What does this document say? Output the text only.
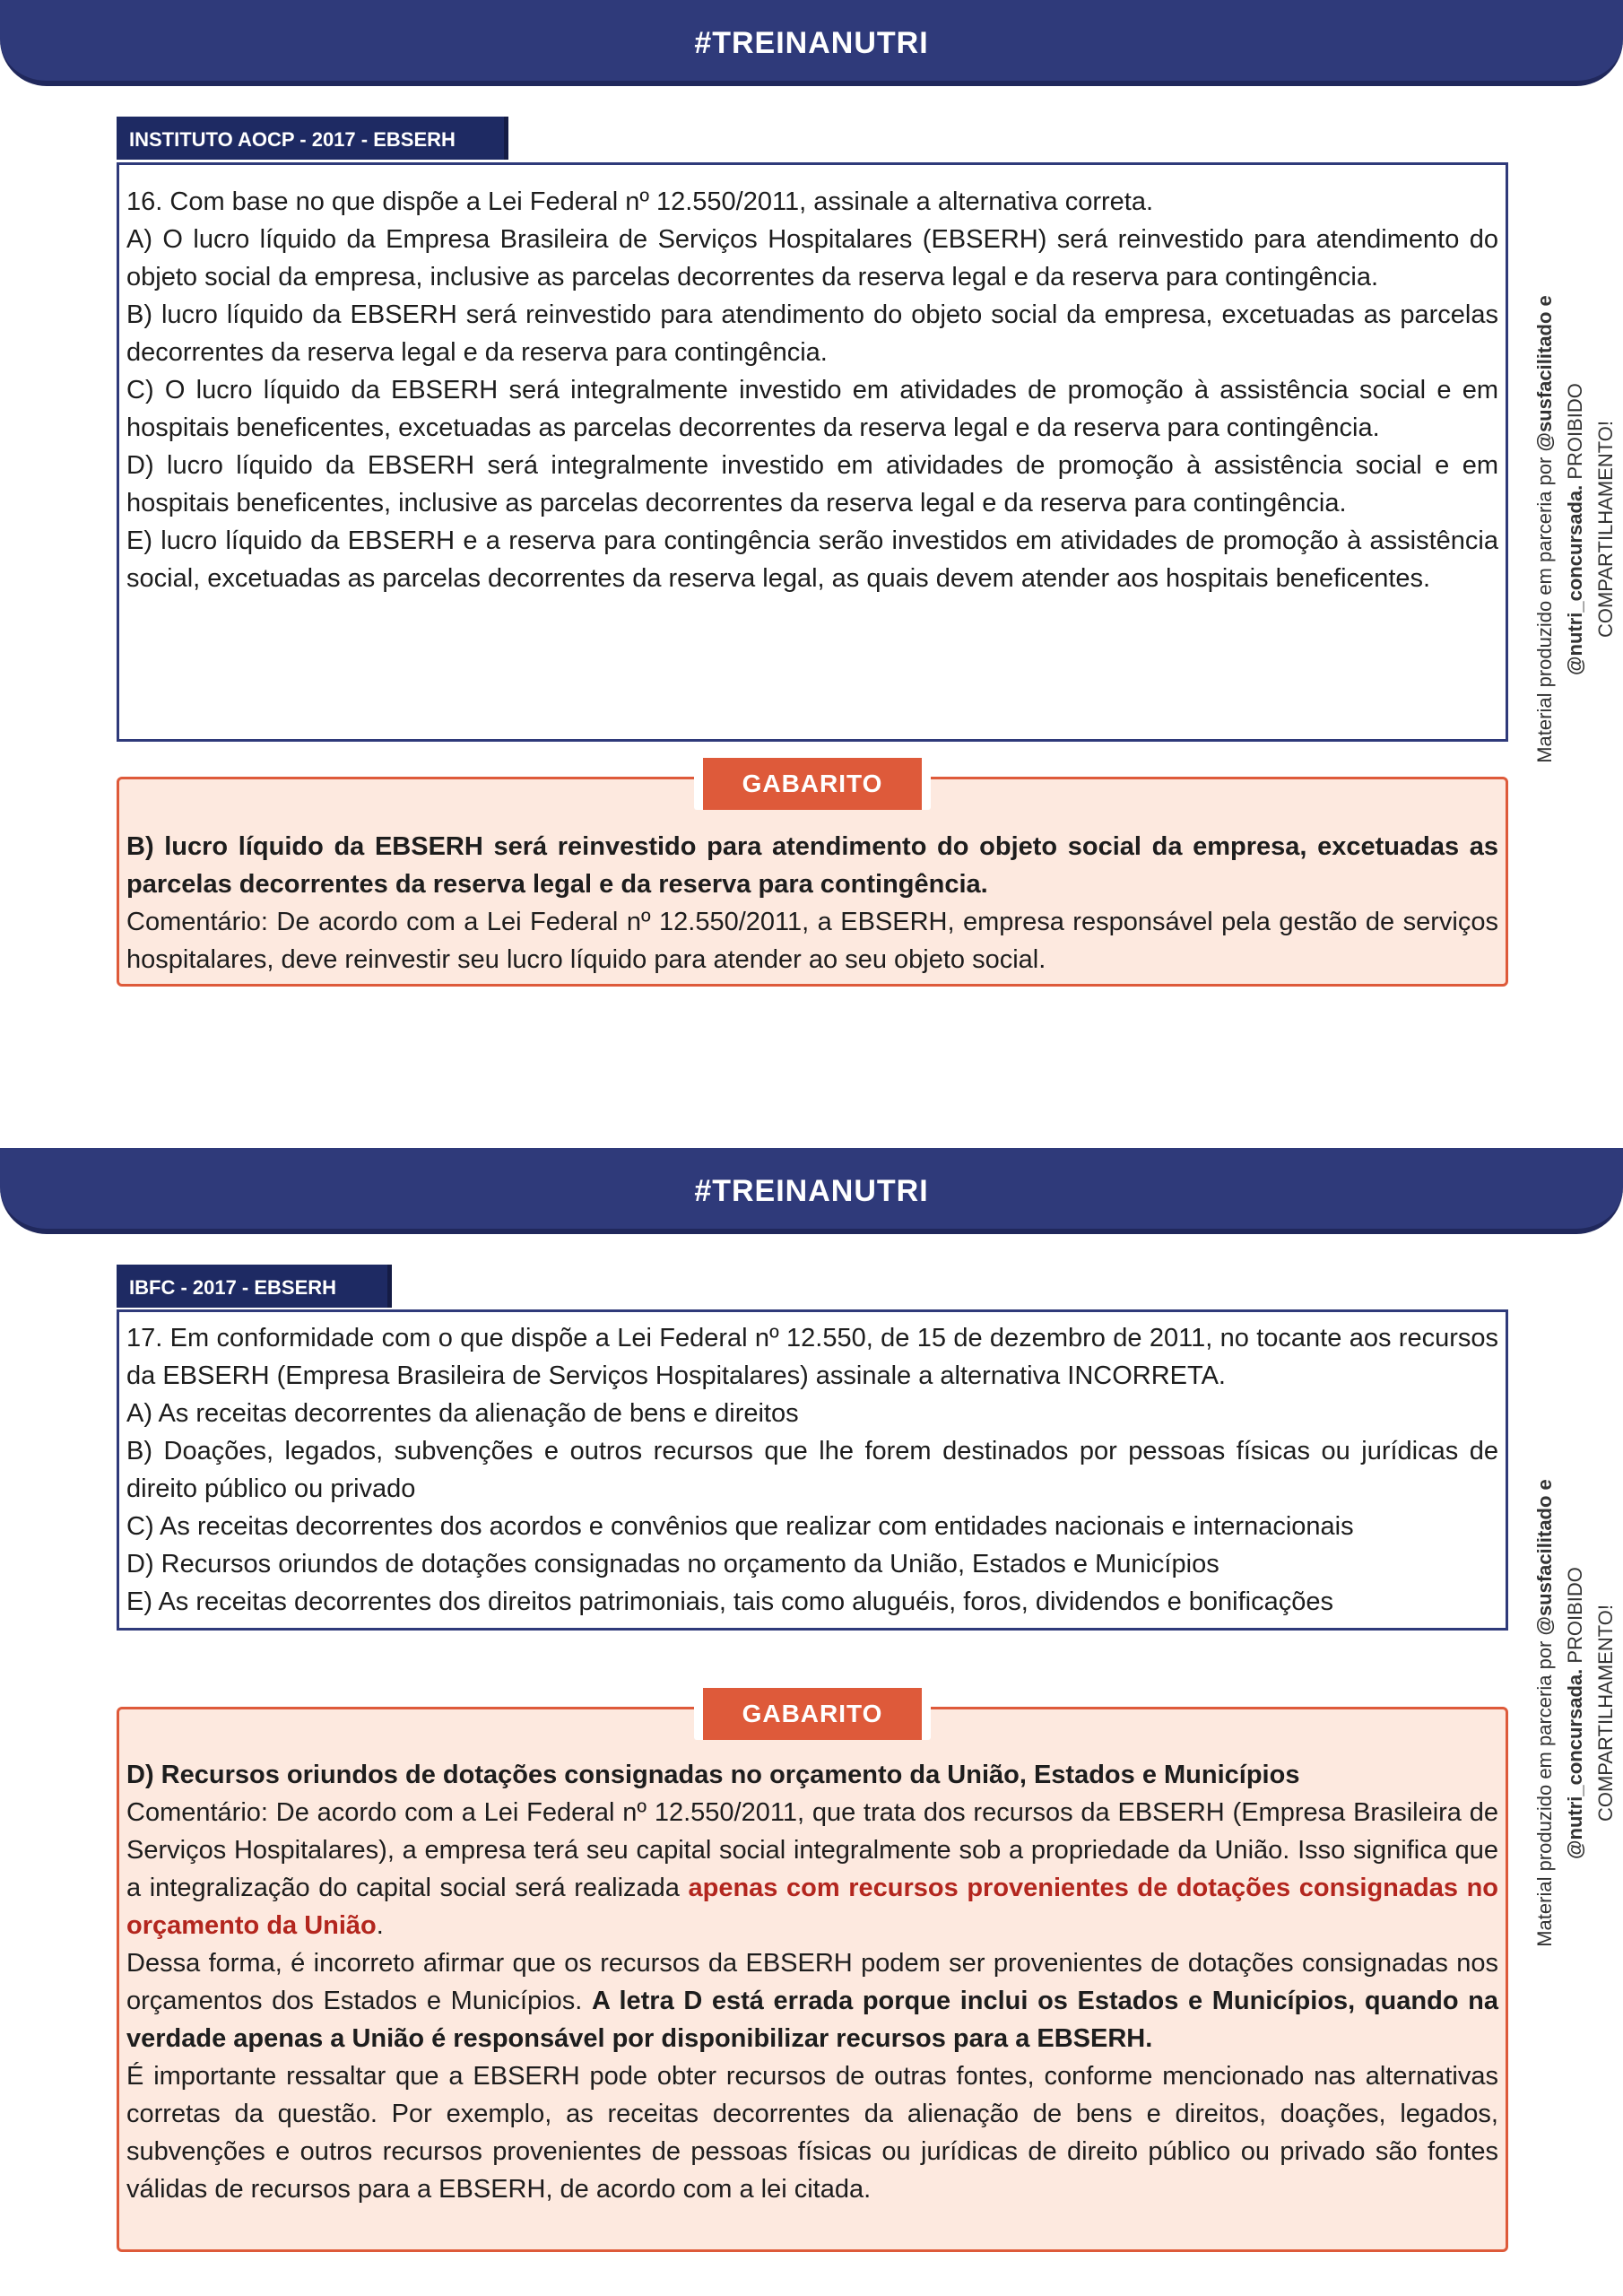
#TREINANUTRI
INSTITUTO AOCP - 2017 - EBSERH

16. Com base no que dispõe a Lei Federal nº 12.550/2011, assinale a alternativa correta.

A) O lucro líquido da Empresa Brasileira de Serviços Hospitalares (EBSERH) será reinvestido para atendimento do objeto social da empresa, inclusive as parcelas decorrentes da reserva legal e da reserva para contingência.

B) lucro líquido da EBSERH será reinvestido para atendimento do objeto social da empresa, excetuadas as parcelas decorrentes da reserva legal e da reserva para contingência.

C) O lucro líquido da EBSERH será integralmente investido em atividades de promoção à assistência social e em hospitais beneficentes, excetuadas as parcelas decorrentes da reserva legal e da reserva para contingência.

D) lucro líquido da EBSERH será integralmente investido em atividades de promoção à assistência social e em hospitais beneficentes, inclusive as parcelas decorrentes da reserva legal e da reserva para contingência.

E) lucro líquido da EBSERH e a reserva para contingência serão investidos em atividades de promoção à assistência social, excetuadas as parcelas decorrentes da reserva legal, as quais devem atender aos hospitais beneficentes.

GABARITO

B) lucro líquido da EBSERH será reinvestido para atendimento do objeto social da empresa, excetuadas as parcelas decorrentes da reserva legal e da reserva para contingência.

Comentário: De acordo com a Lei Federal nº 12.550/2011, a EBSERH, empresa responsável pela gestão de serviços hospitalares, deve reinvestir seu lucro líquido para atender ao seu objeto social.

Material produzido em parceria por @susfacilitado e
@nutri_concursada. PROIBIDO COMPARTILHAMENTO!
#TREINANUTRI
IBFC - 2017 - EBSERH

17. Em conformidade com o que dispõe a Lei Federal nº 12.550, de 15 de dezembro de 2011, no tocante aos recursos da EBSERH (Empresa Brasileira de Serviços Hospitalares) assinale a alternativa INCORRETA.

A) As receitas decorrentes da alienação de bens e direitos

B) Doações, legados, subvenções e outros recursos que lhe forem destinados por pessoas físicas ou jurídicas de direito público ou privado

C) As receitas decorrentes dos acordos e convênios que realizar com entidades nacionais e internacionais

D) Recursos oriundos de dotações consignadas no orçamento da União, Estados e Municípios

E) As receitas decorrentes dos direitos patrimoniais, tais como aluguéis, foros, dividendos e bonificações

GABARITO

D) Recursos oriundos de dotações consignadas no orçamento da União, Estados e Municípios

Comentário: De acordo com a Lei Federal nº 12.550/2011, que trata dos recursos da EBSERH (Empresa Brasileira de Serviços Hospitalares), a empresa terá seu capital social integralmente sob a propriedade da União. Isso significa que a integralização do capital social será realizada apenas com recursos provenientes de dotações consignadas no orçamento da União.

Dessa forma, é incorreto afirmar que os recursos da EBSERH podem ser provenientes de dotações consignadas nos orçamentos dos Estados e Municípios. A letra D está errada porque inclui os Estados e Municípios, quando na verdade apenas a União é responsável por disponibilizar recursos para a EBSERH.

É importante ressaltar que a EBSERH pode obter recursos de outras fontes, conforme mencionado nas alternativas corretas da questão. Por exemplo, as receitas decorrentes da alienação de bens e direitos, doações, legados, subvenções e outros recursos provenientes de pessoas físicas ou jurídicas de direito público ou privado são fontes válidas de recursos para a EBSERH, de acordo com a lei citada.

Material produzido em parceria por @susfacilitado e
@nutri_concursada. PROIBIDO COMPARTILHAMENTO!
